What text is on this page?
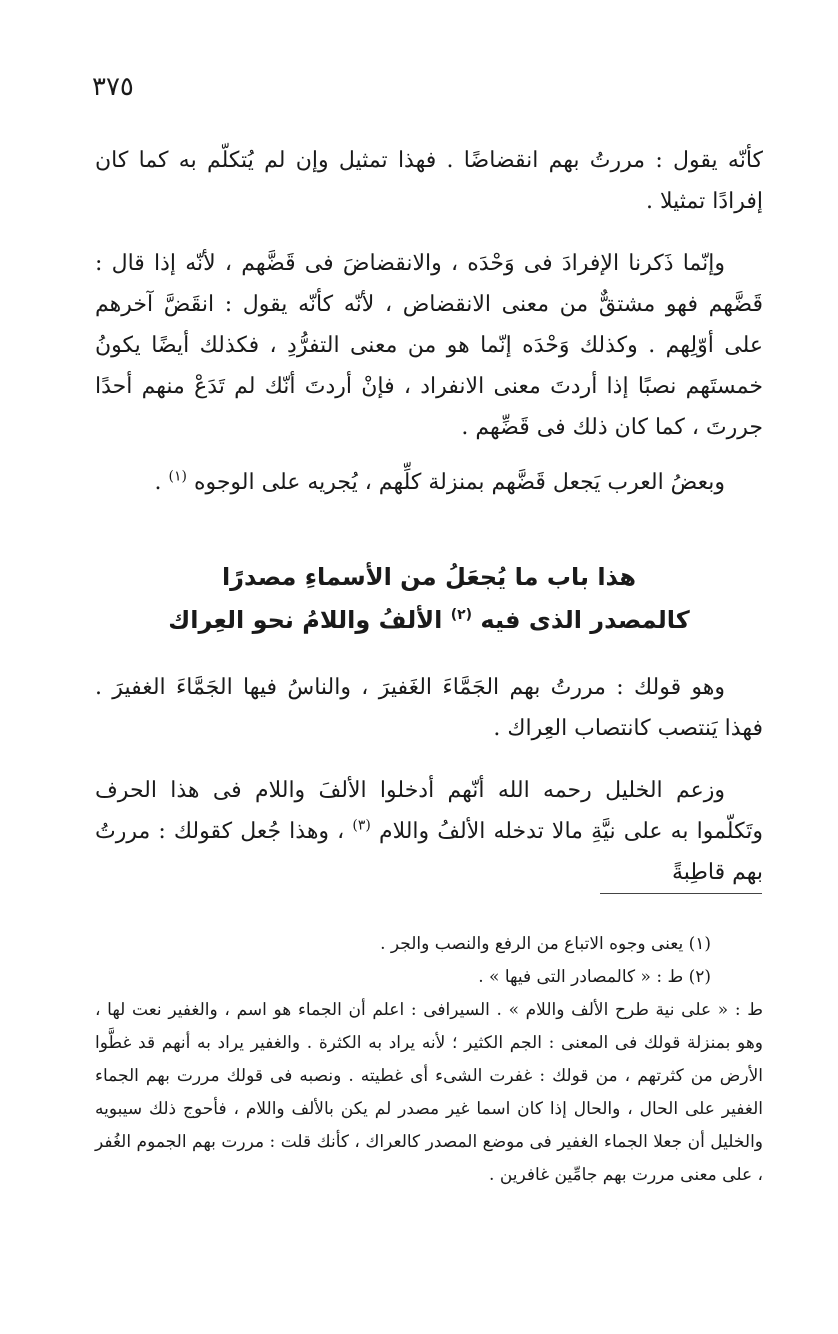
٣٧٥

كأنّه يقول : مررتُ بهم انقضاضًا . فهذا تمثيل وإن لم يُتكلّم به كما كان إفرادًا تمثيلا .

وإنّما ذَكرنا الإفرادَ فى وَحْدَه ، والانقضاضَ فى قَضَّهم ، لأنّه إذا قال : قَضَّهم فهو مشتقٌّ من معنى الانقضاض ، لأنّه كأنّه يقول : انقَضَّ آخرهم على أوّلِهم . وكذلك وَحْدَه إنّما هو من معنى التفرُّدِ ، فكذلك أيضًا يكونُ خمستَهم نصبًا إذا أردتَ معنى الانفراد ، فإنْ أردتَ أنّك لم تَدَعْ منهم أحدًا جررتَ ، كما كان ذلك فى قَضِّهم .

وبعضُ العرب يَجعل قَضَّهم بمنزلة كلِّهم ، يُجريه على الوجوه $^{(١)}$ .

هذا باب ما يُجعَلُ من الأسماءِ مصدرًا
كالمصدر الذى فيه $^{(٢)}$ الألفُ واللامُ نحو العِراك

وهو قولك : مررتُ بهم الجَمَّاءَ الغَفيرَ ، والناسُ فيها الجَمَّاءَ الغفيرَ . فهذا يَنتصب كانتصاب العِراك .

وزعم الخليل رحمه الله أنّهم أدخلوا الألفَ واللام فى هذا الحرف وتَكلّموا به على نيَّةِ مالا تدخله الألفُ واللام $^{(٣)}$ ، وهذا جُعل كقولك : مررتُ بهم قاطِبةً

(١) يعنى وجوه الاتباع من الرفع والنصب والجر .

(٢) ط : « كالمصادر التى فيها » .

ط : « على نية طرح الألف واللام » . السيرافى : اعلم أن الجماء هو اسم ، والغفير نعت لها ، وهو بمنزلة قولك فى المعنى : الجم الكثير ؛ لأنه يراد به الكثرة . والغفير يراد به أنهم قد غطَّوا الأرض من كثرتهم ، من قولك : غفرت الشىء أى غطيته . ونصبه فى قولك مررت بهم الجماء الغفير على الحال ، والحال إذا كان اسما غير مصدر لم يكن بالألف واللام ، فأحوج ذلك سيبويه والخليل أن جعلا الجماء الغفير فى موضع المصدر كالعراك ، كأنك قلت : مررت بهم الجموم الغُفر ، على معنى مررت بهم جامِّين غافرين .
